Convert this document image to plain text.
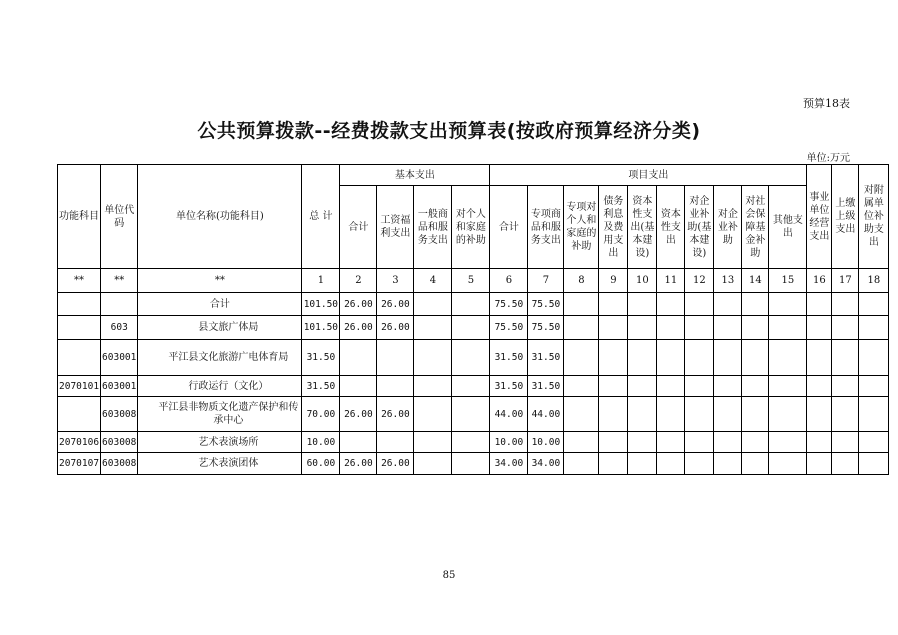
预算18表
公共预算拨款--经费拨款支出预算表(按政府预算经济分类)
单位:万元
功能科目	单位代码	单位名称(功能科目)	总 计	基本支出				项目支出										事业单位经营支出	上缴上级支出	对附属单位补助支出
				合计	工资福利支出	一般商品和服务支出	对个人和家庭的补助	合计	专项商品和服务支出	专项对个人和家庭的补助	债务利息及费用支出	资本性支出(基本建设)	资本性支出	对企业补助(基本建设)	对企业补助	对社会保障基金补助	其他支出			
**	**	**	1	2	3	4	5	6	7	8	9	10	11	12	13	14	15	16	17	18
		合计	101.50	26.00	26.00			75.50	75.50											
	603	县文旅广体局	101.50	26.00	26.00			75.50	75.50											
	603001	平江县文化旅游广电体育局	31.50					31.50	31.50											
2070101	603001	行政运行（文化）	31.50					31.50	31.50											
	603008	平江县非物质文化遗产保护和传承中心	70.00	26.00	26.00			44.00	44.00											
2070106	603008	艺术表演场所	10.00					10.00	10.00											
2070107	603008	艺术表演团体	60.00	26.00	26.00			34.00	34.00											
85
